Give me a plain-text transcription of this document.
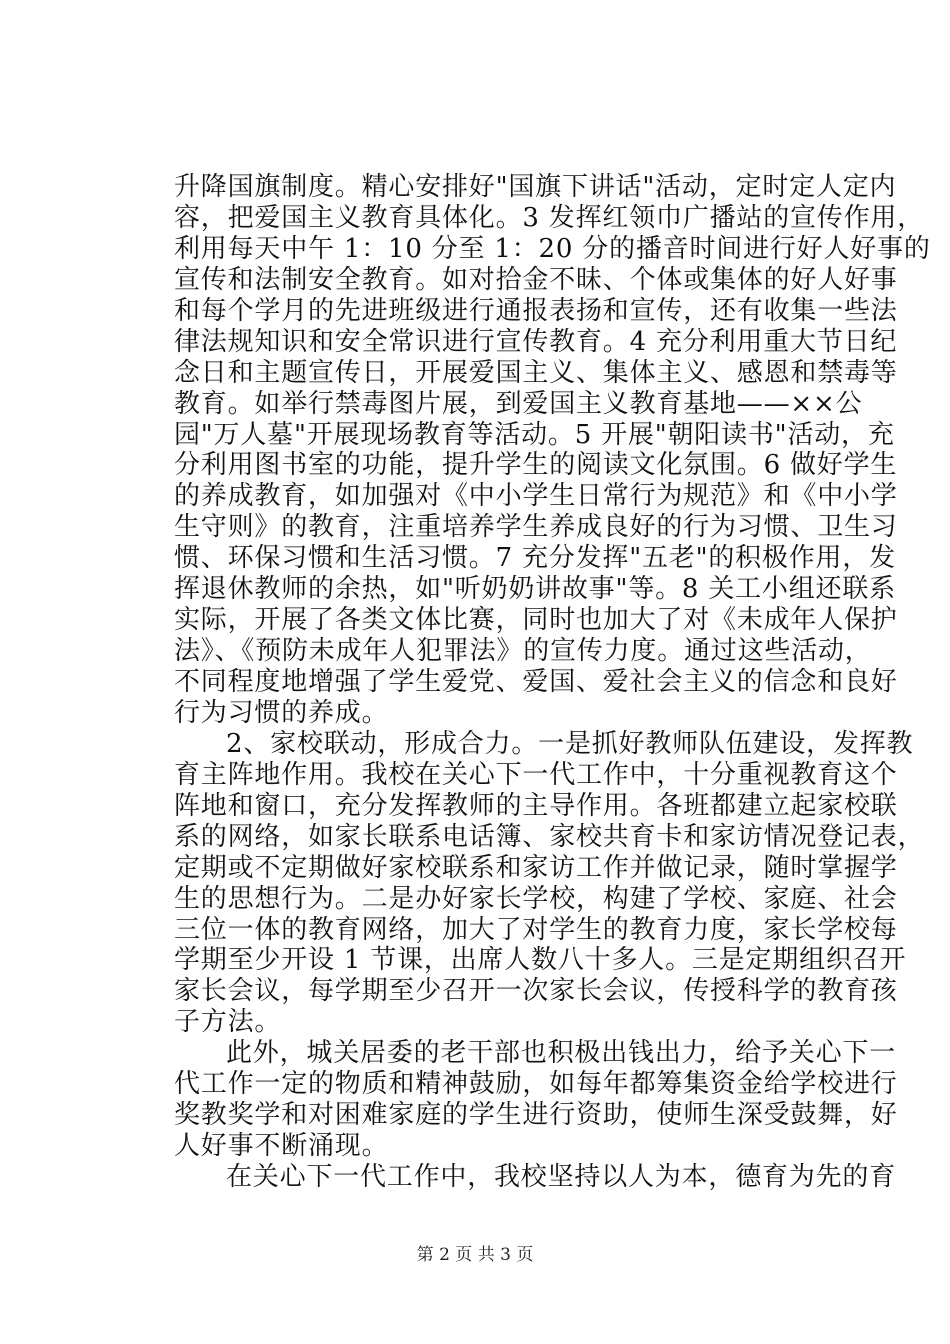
升降国旗制度。精心安排好"国旗下讲话"活动，定时定人定内
容，把爱国主义教育具体化。3 发挥红领巾广播站的宣传作用，
利用每天中午 1：10 分至 1：20 分的播音时间进行好人好事的
宣传和法制安全教育。如对拾金不昧、个体或集体的好人好事
和每个学月的先进班级进行通报表扬和宣传，还有收集一些法
律法规知识和安全常识进行宣传教育。4 充分利用重大节日纪
念日和主题宣传日，开展爱国主义、集体主义、感恩和禁毒等
教育。如举行禁毒图片展，到爱国主义教育基地——××公
园"万人墓"开展现场教育等活动。5 开展"朝阳读书"活动，充
分利用图书室的功能，提升学生的阅读文化氛围。6 做好学生
的养成教育，如加强对《中小学生日常行为规范》和《中小学
生守则》的教育，注重培养学生养成良好的行为习惯、卫生习
惯、环保习惯和生活习惯。7 充分发挥"五老"的积极作用，发
挥退休教师的余热，如"听奶奶讲故事"等。8 关工小组还联系
实际，开展了各类文体比赛，同时也加大了对《未成年人保护
法》、《预防未成年人犯罪法》的宣传力度。通过这些活动，
不同程度地增强了学生爱党、爱国、爱社会主义的信念和良好
行为习惯的养成。
2、家校联动，形成合力。一是抓好教师队伍建设，发挥教
育主阵地作用。我校在关心下一代工作中，十分重视教育这个
阵地和窗口，充分发挥教师的主导作用。各班都建立起家校联
系的网络，如家长联系电话簿、家校共育卡和家访情况登记表，
定期或不定期做好家校联系和家访工作并做记录，随时掌握学
生的思想行为。二是办好家长学校，构建了学校、家庭、社会
三位一体的教育网络，加大了对学生的教育力度，家长学校每
学期至少开设 1 节课，出席人数八十多人。三是定期组织召开
家长会议，每学期至少召开一次家长会议，传授科学的教育孩
子方法。
此外，城关居委的老干部也积极出钱出力，给予关心下一
代工作一定的物质和精神鼓励，如每年都筹集资金给学校进行
奖教奖学和对困难家庭的学生进行资助，使师生深受鼓舞，好
人好事不断涌现。
在关心下一代工作中，我校坚持以人为本，德育为先的育
第 2 页 共 3 页
